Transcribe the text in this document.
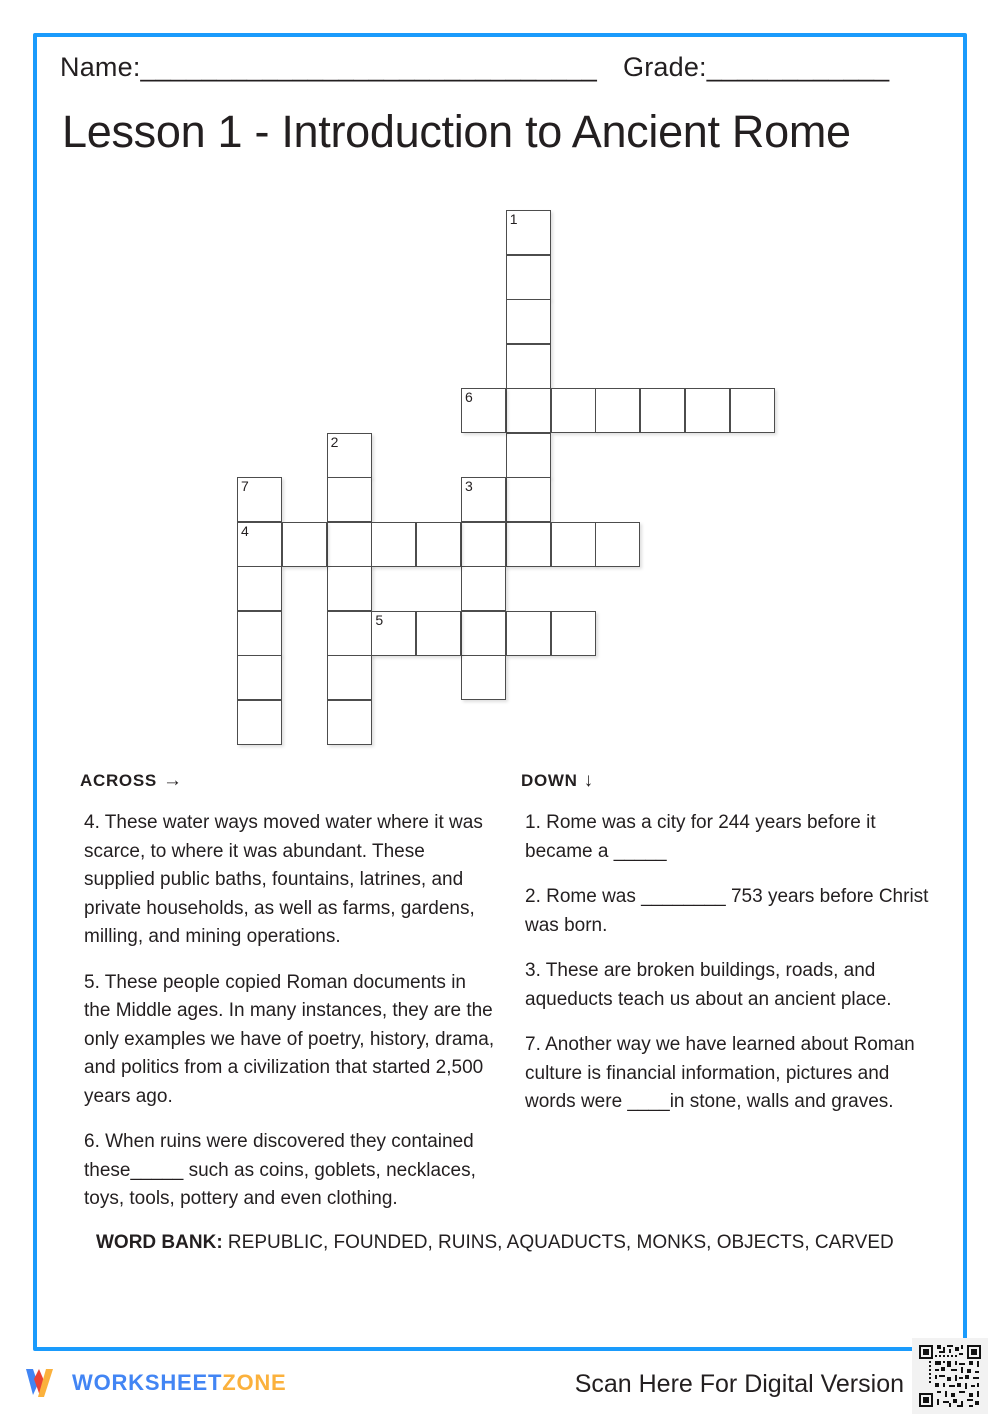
Name:______________________________ Grade:____________
Lesson 1 - Introduction to Ancient Rome
1
6
2
7
4
3
5
ACROSS →
4. These water ways moved water where it was scarce, to where it was abundant. These supplied public baths, fountains, latrines, and private households, as well as farms, gardens, milling, and mining operations.
5. These people copied Roman documents in the Middle ages. In many instances, they are the only examples we have of poetry, history, drama, and politics from a civilization that started 2,500 years ago.
6. When ruins were discovered they contained these_____ such as coins, goblets, necklaces, toys, tools, pottery and even clothing.
DOWN ↓
1. Rome was a city for 244 years before it became a _____
2. Rome was ________ 753 years before Christ was born.
3. These are broken buildings, roads, and aqueducts teach us about an ancient place.
7. Another way we have learned about Roman culture is financial information, pictures and words were ____in stone, walls and graves.
WORD BANK: REPUBLIC, FOUNDED, RUINS, AQUADUCTS, MONKS, OBJECTS, CARVED
WORKSHEETZONE	Scan Here For Digital Version
